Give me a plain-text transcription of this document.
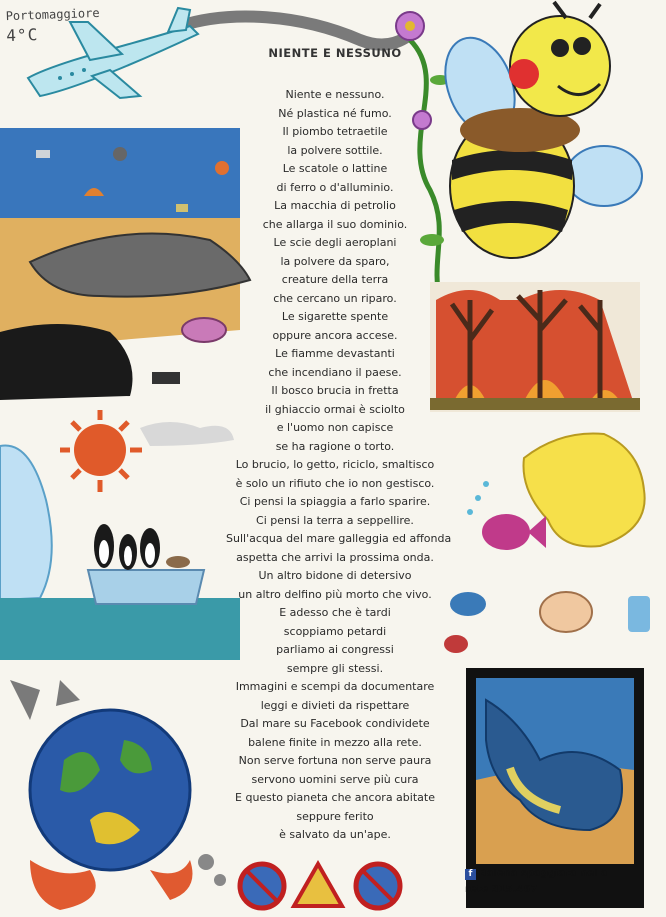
Portomaggiore
4°C
NIENTE E NESSUNO
Niente e nessuno.
Né plastica né fumo.
Il piombo tetraetile
la polvere sottile.
Le scatole o lattine
di ferro o d'alluminio.
La macchia di petrolio
che allarga il suo dominio.
Le scie degli aeroplani
la polvere da sparo,
creature della terra
che cercano un riparo.
Le sigarette spente
oppure ancora accese.
Le fiamme devastanti
che incendiano il paese.
Il bosco brucia in fretta
il ghiaccio ormai è sciolto
e l'uomo non capisce
se ha ragione o torto.
Lo brucio, lo getto, riciclo, smaltisco
è solo un rifiuto che io non gestisco.
Ci pensi la spiaggia a farlo sparire.
Ci pensi la terra a seppellire.
Sull'acqua del mare galleggia ed affonda
aspetta che arrivi la prossima onda.
Un altro bidone di detersivo
un altro delfino più morto che vivo.
E adesso che è tardi
scoppiamo petardi
parliamo ai congressi
sempre gli stessi.
Immagini e scempi da documentare
leggi e divieti da rispettare
Dal mare su Facebook condividete
balene finite in mezzo alla rete.
Non serve fortuna non serve paura
servono uomini serve più cura
E questo pianeta che ancora abitate
seppure ferito
è salvato da un'ape.
f Balena spaggiata nella
rete 315.467
